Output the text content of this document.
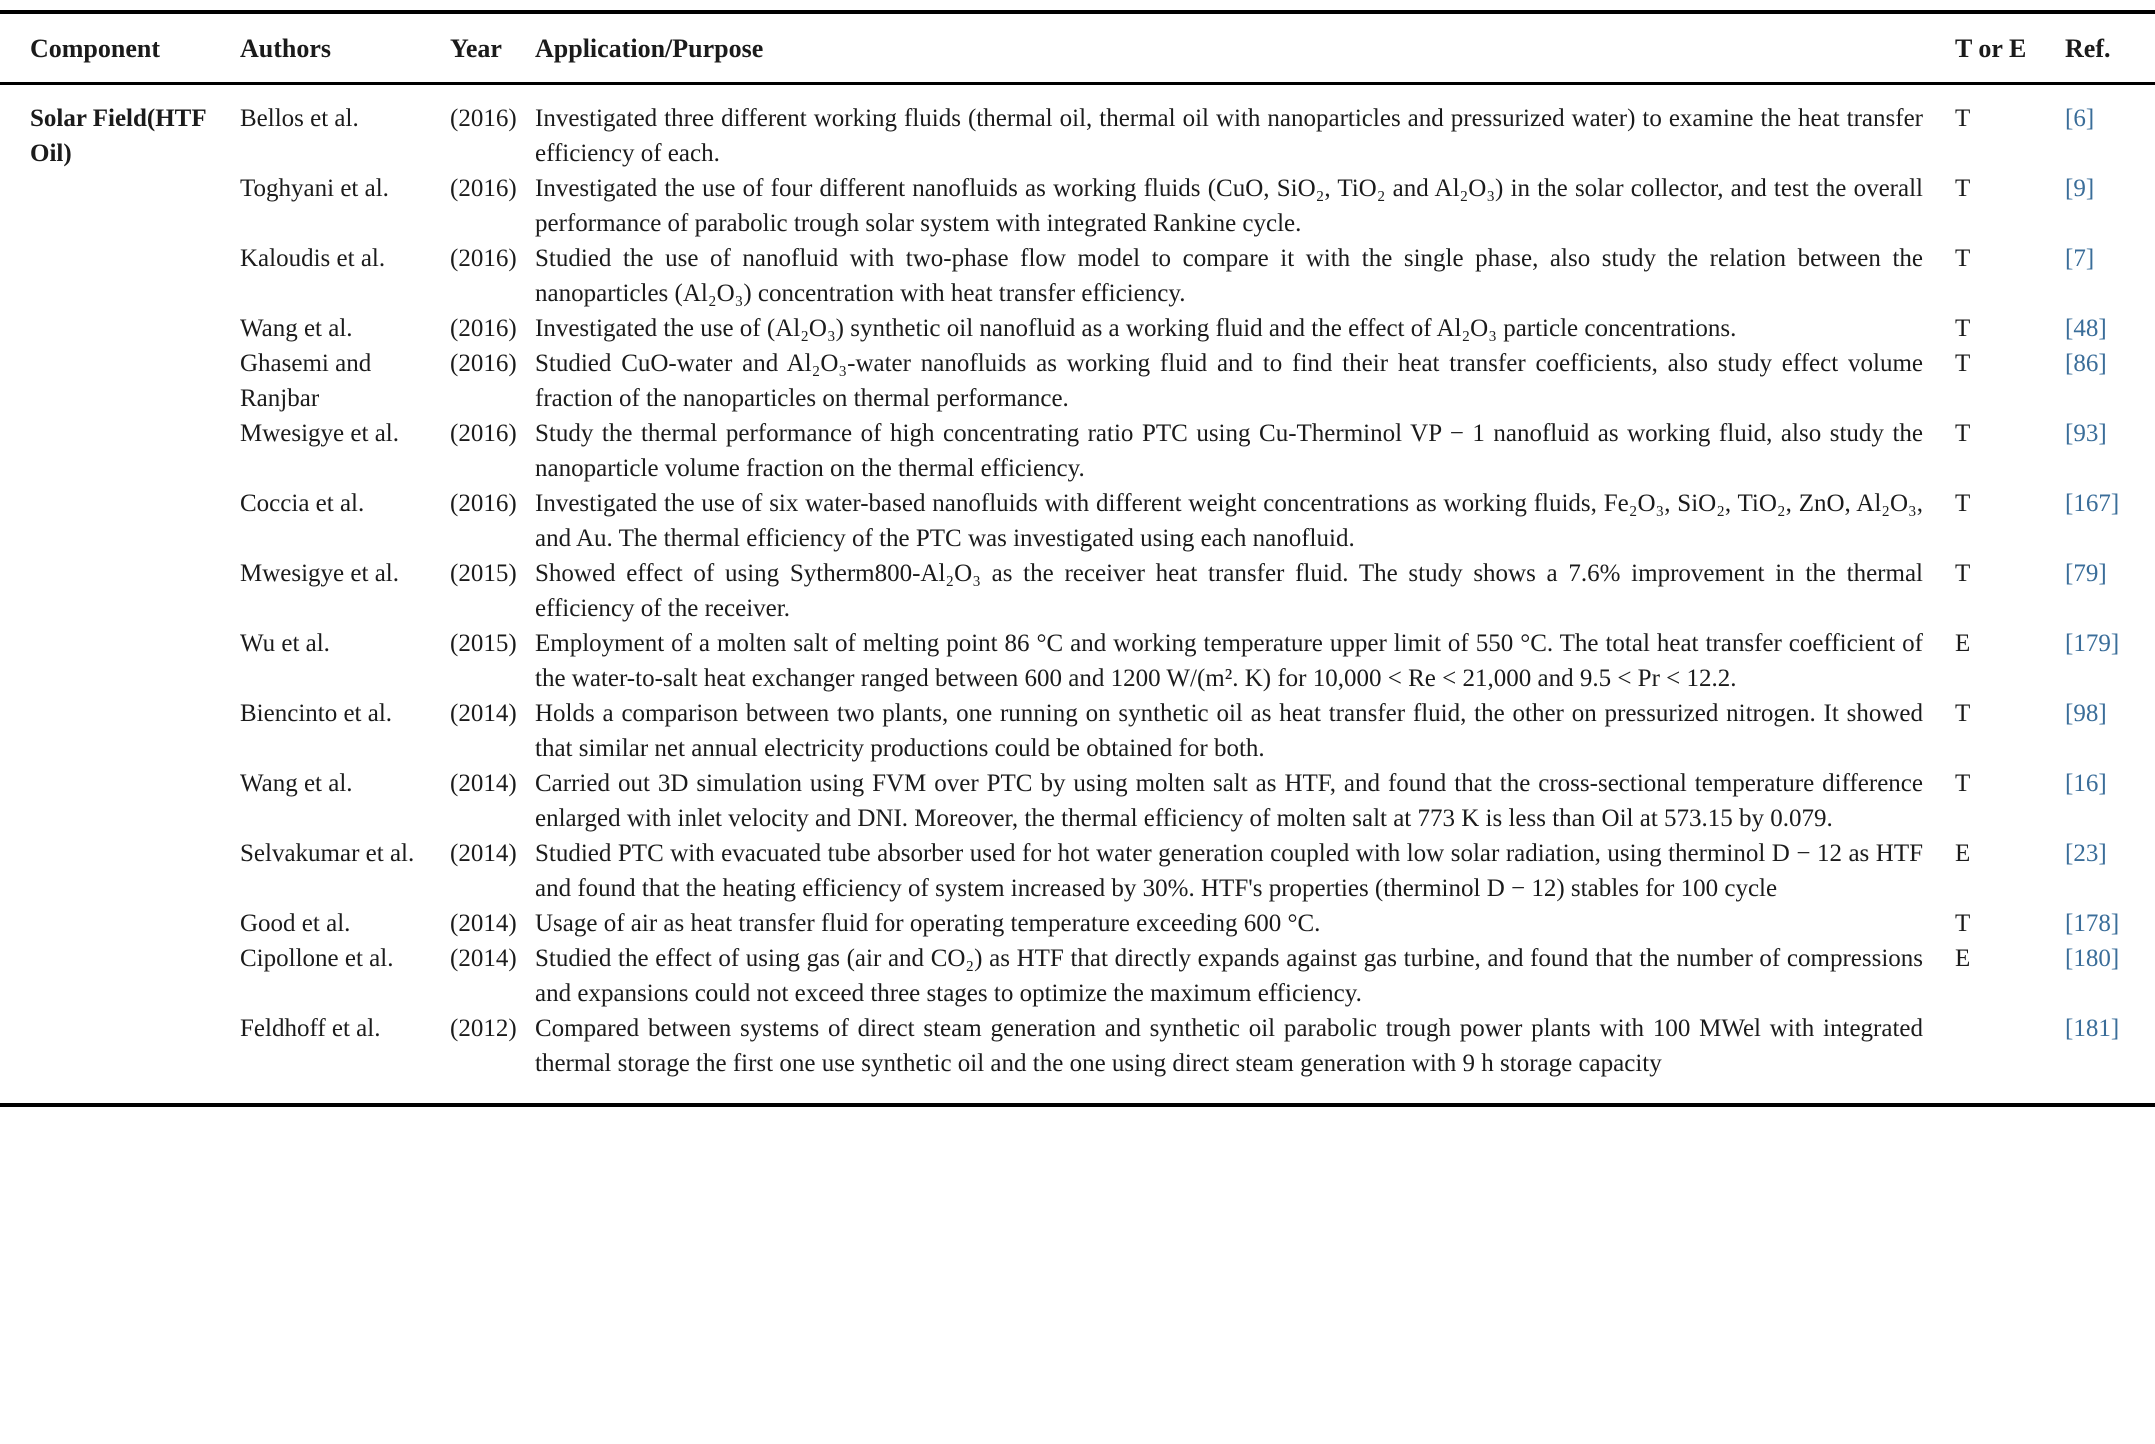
Component	Authors	Year	Application/Purpose	T or E	Ref.
Solar Field(HTF Oil)	Bellos et al.	(2016)	Investigated three different working fluids (thermal oil, thermal oil with nanoparticles and pressurized water) to examine the heat transfer efficiency of each.	T	[6]
	Toghyani et al.	(2016)	Investigated the use of four different nanofluids as working fluids (CuO, SiO₂, TiO₂ and Al₂O₃) in the solar collector, and test the overall performance of parabolic trough solar system with integrated Rankine cycle.	T	[9]
	Kaloudis et al.	(2016)	Studied the use of nanofluid with two-phase flow model to compare it with the single phase, also study the relation between the nanoparticles (Al₂O₃) concentration with heat transfer efficiency.	T	[7]
	Wang et al.	(2016)	Investigated the use of (Al₂O₃) synthetic oil nanofluid as a working fluid and the effect of Al₂O₃ particle concentrations.	T	[48]
	Ghasemi and Ranjbar	(2016)	Studied CuO-water and Al₂O₃-water nanofluids as working fluid and to find their heat transfer coefficients, also study effect volume fraction of the nanoparticles on thermal performance.	T	[86]
	Mwesigye et al.	(2016)	Study the thermal performance of high concentrating ratio PTC using Cu-Therminol VP − 1 nanofluid as working fluid, also study the nanoparticle volume fraction on the thermal efficiency.	T	[93]
	Coccia et al.	(2016)	Investigated the use of six water-based nanofluids with different weight concentrations as working fluids, Fe₂O₃, SiO₂, TiO₂, ZnO, Al₂O₃, and Au. The thermal efficiency of the PTC was investigated using each nanofluid.	T	[167]
	Mwesigye et al.	(2015)	Showed effect of using Sytherm800-Al₂O₃ as the receiver heat transfer fluid. The study shows a 7.6% improvement in the thermal efficiency of the receiver.	T	[79]
	Wu et al.	(2015)	Employment of a molten salt of melting point 86 °C and working temperature upper limit of 550 °C. The total heat transfer coefficient of the water-to-salt heat exchanger ranged between 600 and 1200 W/(m². K) for 10,000 < Re < 21,000 and 9.5 < Pr < 12.2.	E	[179]
	Biencinto et al.	(2014)	Holds a comparison between two plants, one running on synthetic oil as heat transfer fluid, the other on pressurized nitrogen. It showed that similar net annual electricity productions could be obtained for both.	T	[98]
	Wang et al.	(2014)	Carried out 3D simulation using FVM over PTC by using molten salt as HTF, and found that the cross-sectional temperature difference enlarged with inlet velocity and DNI. Moreover, the thermal efficiency of molten salt at 773 K is less than Oil at 573.15 by 0.079.	T	[16]
	Selvakumar et al.	(2014)	Studied PTC with evacuated tube absorber used for hot water generation coupled with low solar radiation, using therminol D − 12 as HTF and found that the heating efficiency of system increased by 30%. HTF's properties (therminol D − 12) stables for 100 cycle	E	[23]
	Good et al.	(2014)	Usage of air as heat transfer fluid for operating temperature exceeding 600 °C.	T	[178]
	Cipollone et al.	(2014)	Studied the effect of using gas (air and CO₂) as HTF that directly expands against gas turbine, and found that the number of compressions and expansions could not exceed three stages to optimize the maximum efficiency.	E	[180]
	Feldhoff et al.	(2012)	Compared between systems of direct steam generation and synthetic oil parabolic trough power plants with 100 MWel with integrated thermal storage the first one use synthetic oil and the one using direct steam generation with 9 h storage capacity		[181]
